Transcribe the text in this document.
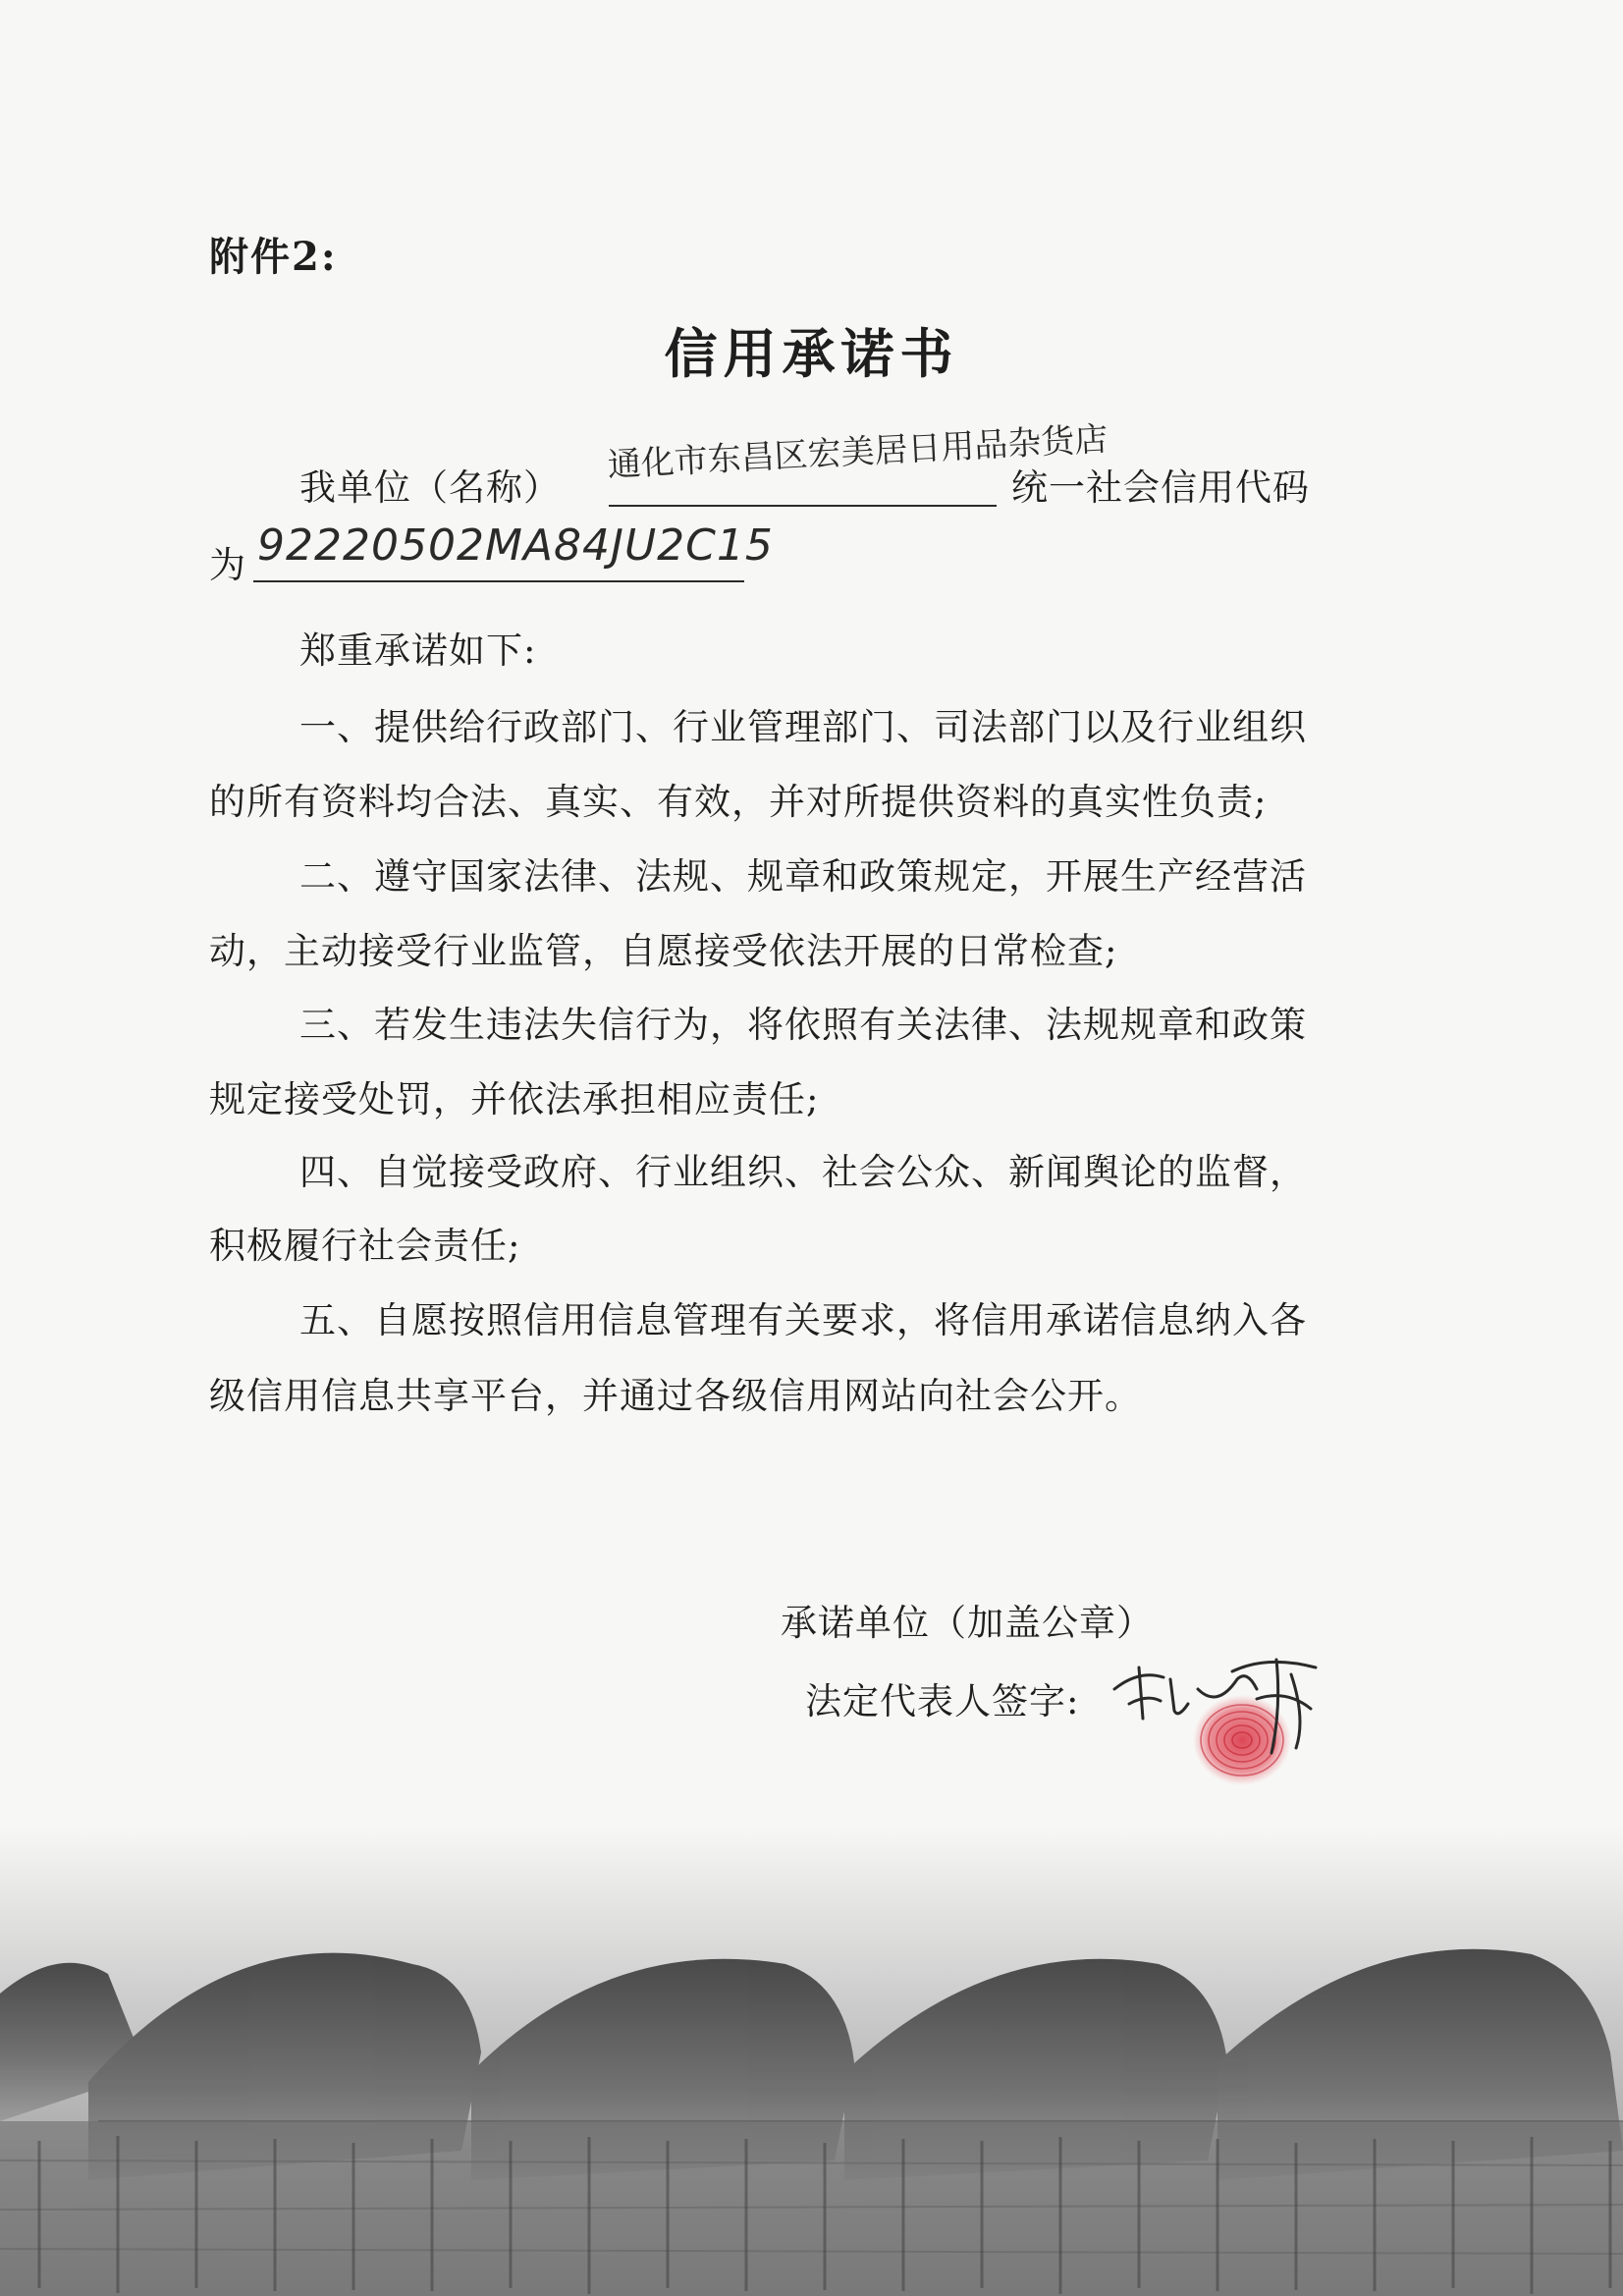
附件2:
信用承诺书
我单位（名称）
通化市东昌区宏美居日用品杂货店
统一社会信用代码
为 92220502MA84JU2C15
郑重承诺如下:
一、提供给行政部门、行业管理部门、司法部门以及行业组织
的所有资料均合法、真实、有效，并对所提供资料的真实性负责;
二、遵守国家法律、法规、规章和政策规定，开展生产经营活
动，主动接受行业监管，自愿接受依法开展的日常检查;
三、若发生违法失信行为，将依照有关法律、法规规章和政策
规定接受处罚，并依法承担相应责任;
四、自觉接受政府、行业组织、社会公众、新闻舆论的监督，
积极履行社会责任;
五、自愿按照信用信息管理有关要求，将信用承诺信息纳入各
级信用信息共享平台，并通过各级信用网站向社会公开。
承诺单位（加盖公章）
法定代表人签字:
